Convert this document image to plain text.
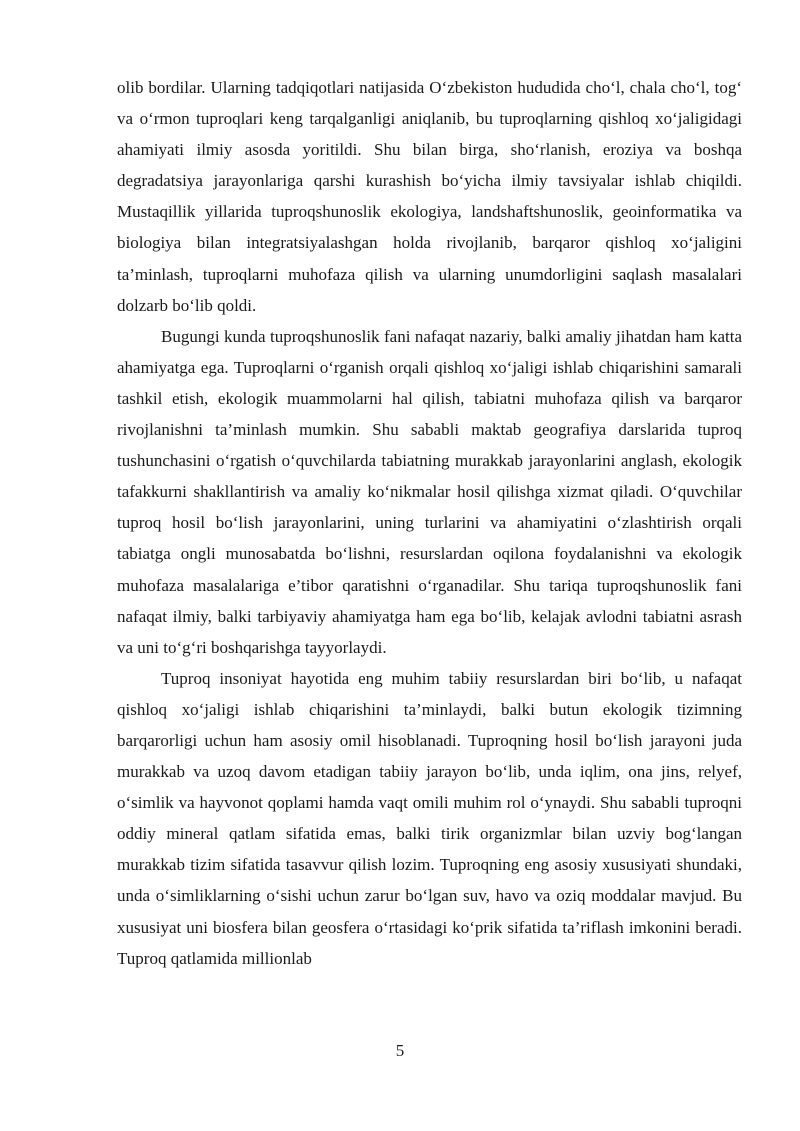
olib bordilar. Ularning tadqiqotlari natijasida O‘zbekiston hududida cho‘l, chala cho‘l, tog‘ va o‘rmon tuproqlari keng tarqalganligi aniqlanib, bu tuproqlarning qishloq xo‘jaligidagi ahamiyati ilmiy asosda yoritildi. Shu bilan birga, sho‘rlanish, eroziya va boshqa degradatsiya jarayonlariga qarshi kurashish bo‘yicha ilmiy tavsiyalar ishlab chiqildi. Mustaqillik yillarida tuproqshunoslik ekologiya, landshaftshunoslik, geoinformatika va biologiya bilan integratsiyalashgan holda rivojlanib, barqaror qishloq xo‘jaligini ta’minlash, tuproqlarni muhofaza qilish va ularning unumdorligini saqlash masalalari dolzarb bo‘lib qoldi.

Bugungi kunda tuproqshunoslik fani nafaqat nazariy, balki amaliy jihatdan ham katta ahamiyatga ega. Tuproqlarni o‘rganish orqali qishloq xo‘jaligi ishlab chiqarishini samarali tashkil etish, ekologik muammolarni hal qilish, tabiatni muhofaza qilish va barqaror rivojlanishni ta’minlash mumkin. Shu sababli maktab geografiya darslarida tuproq tushunchasini o‘rgatish o‘quvchilarda tabiatning murakkab jarayonlarini anglash, ekologik tafakkurni shakllantirish va amaliy ko‘nikmalar hosil qilishga xizmat qiladi. O‘quvchilar tuproq hosil bo‘lish jarayonlarini, uning turlarini va ahamiyatini o‘zlashtirish orqali tabiatga ongli munosabatda bo‘lishni, resurslardan oqilona foydalanishni va ekologik muhofaza masalalariga e’tibor qaratishni o‘rganadilar. Shu tariqa tuproqshunoslik fani nafaqat ilmiy, balki tarbiyaviy ahamiyatga ham ega bo‘lib, kelajak avlodni tabiatni asrash va uni to‘g‘ri boshqarishga tayyorlaydi.

Tuproq insoniyat hayotida eng muhim tabiiy resurslardan biri bo‘lib, u nafaqat qishloq xo‘jaligi ishlab chiqarishini ta’minlaydi, balki butun ekologik tizimning barqarorligi uchun ham asosiy omil hisoblanadi. Tuproqning hosil bo‘lish jarayoni juda murakkab va uzoq davom etadigan tabiiy jarayon bo‘lib, unda iqlim, ona jins, relyef, o‘simlik va hayvonot qoplami hamda vaqt omili muhim rol o‘ynaydi. Shu sababli tuproqni oddiy mineral qatlam sifatida emas, balki tirik organizmlar bilan uzviy bog‘langan murakkab tizim sifatida tasavvur qilish lozim. Tuproqning eng asosiy xususiyati shundaki, unda o‘simliklarning o‘sishi uchun zarur bo‘lgan suv, havo va oziq moddalar mavjud. Bu xususiyat uni biosfera bilan geosfera o‘rtasidagi ko‘prik sifatida ta’riflash imkonini beradi. Tuproq qatlamida millionlab

5
